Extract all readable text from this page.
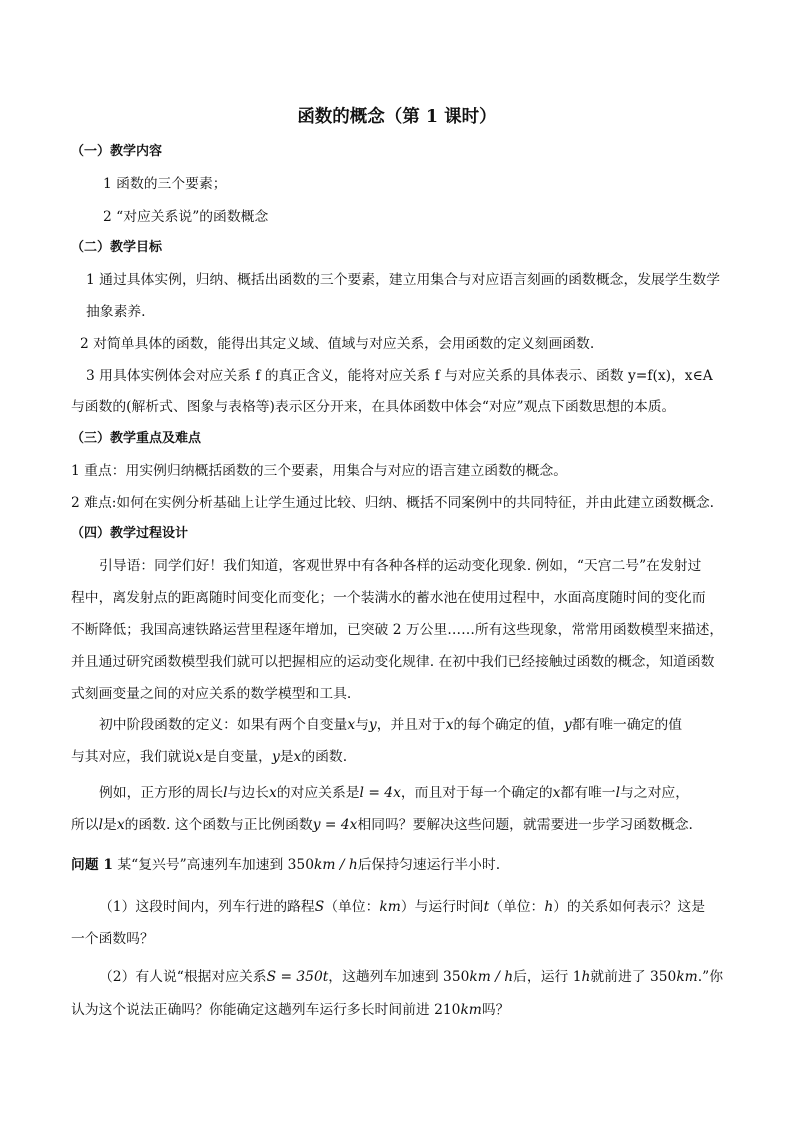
函数的概念（第 1 课时）
（一）教学内容
1 函数的三个要素；
2 “对应关系说”的函数概念
（二）教学目标
1 通过具体实例，归纳、概括出函数的三个要素，建立用集合与对应语言刻画的函数概念，发展学生数学
抽象素养.
2 对简单具体的函数，能得出其定义域、值域与对应关系，会用函数的定义刻画函数.
3 用具体实例体会对应关系 f 的真正含义，能将对应关系 f 与对应关系的具体表示、函数 y=f(x)，x∈A
与函数的(解析式、图象与表格等)表示区分开来，在具体函数中体会“对应”观点下函数思想的本质。
（三）教学重点及难点
1 重点：用实例归纳概括函数的三个要素，用集合与对应的语言建立函数的概念。
2 难点:如何在实例分析基础上让学生通过比较、归纳、概括不同案例中的共同特征，并由此建立函数概念.
（四）教学过程设计
引导语：同学们好！我们知道，客观世界中有各种各样的运动变化现象. 例如，“天宫二号”在发射过
程中，离发射点的距离随时间变化而变化；一个装满水的蓄水池在使用过程中，水面高度随时间的变化而
不断降低；我国高速铁路运营里程逐年增加，已突破 2 万公里……所有这些现象，常常用函数模型来描述，
并且通过研究函数模型我们就可以把握相应的运动变化规律. 在初中我们已经接触过函数的概念，知道函数
式刻画变量之间的对应关系的数学模型和工具.
初中阶段函数的定义：如果有两个自变量x与y，并且对于x的每个确定的值，y都有唯一确定的值
与其对应，我们就说x是自变量，y是x的函数.
例如，正方形的周长l与边长x的对应关系是l = 4x，而且对于每一个确定的x都有唯一l与之对应，
所以l是x的函数. 这个函数与正比例函数y = 4x相同吗？要解决这些问题，就需要进一步学习函数概念.
问题 1 某“复兴号”高速列车加速到 350km / h后保持匀速运行半小时.
（1）这段时间内，列车行进的路程S（单位：km）与运行时间t（单位：h）的关系如何表示？这是
一个函数吗？
（2）有人说“根据对应关系S = 350t，这趟列车加速到 350km / h后，运行 1h就前进了 350km.”你
认为这个说法正确吗？你能确定这趟列车运行多长时间前进 210km吗？
